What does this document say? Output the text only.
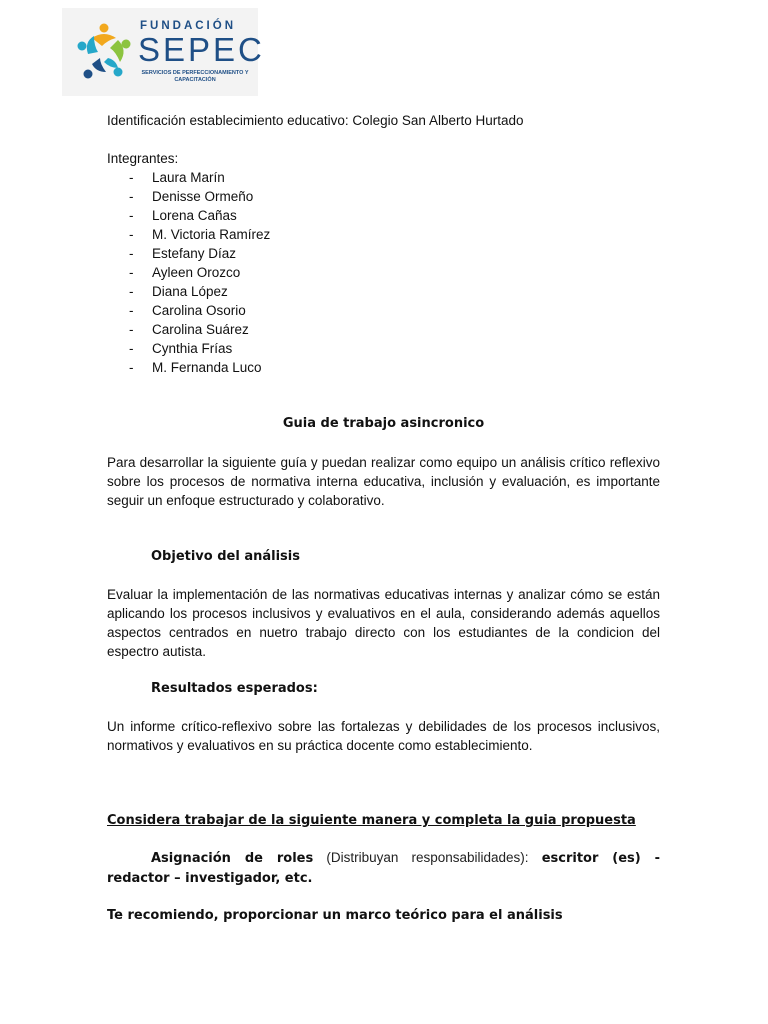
FUNDACIÓN
SEPEC
SERVICIOS DE PERFECCIONAMIENTO Y CAPACITACIÓN

Identificación establecimiento educativo: Colegio San Alberto Hurtado

Integrantes:

- Laura Marín
- Denisse Ormeño
- Lorena Cañas
- M. Victoria Ramírez
- Estefany Díaz
- Ayleen Orozco
- Diana López
- Carolina Osorio
- Carolina Suárez
- Cynthia Frías
- M. Fernanda Luco

Guia de trabajo asincronico

Para desarrollar la siguiente guía y puedan realizar como equipo un análisis crítico reflexivo sobre los procesos de normativa interna educativa, inclusión y evaluación, es importante seguir un enfoque estructurado y colaborativo.

Objetivo del análisis

Evaluar la implementación de las normativas educativas internas y analizar cómo se están aplicando los procesos inclusivos y evaluativos en el aula, considerando además aquellos aspectos centrados en nuetro trabajo directo con los estudiantes de la condicion del espectro autista.

Resultados esperados:

Un informe crítico-reflexivo sobre las fortalezas y debilidades de los procesos inclusivos, normativos y evaluativos en su práctica docente como establecimiento.

Considera trabajar de la siguiente manera y completa la guia propuesta

Asignación de roles (Distribuyan responsabilidades): escritor (es) - redactor – investigador, etc.

Te recomiendo, proporcionar un marco teórico para el análisis
